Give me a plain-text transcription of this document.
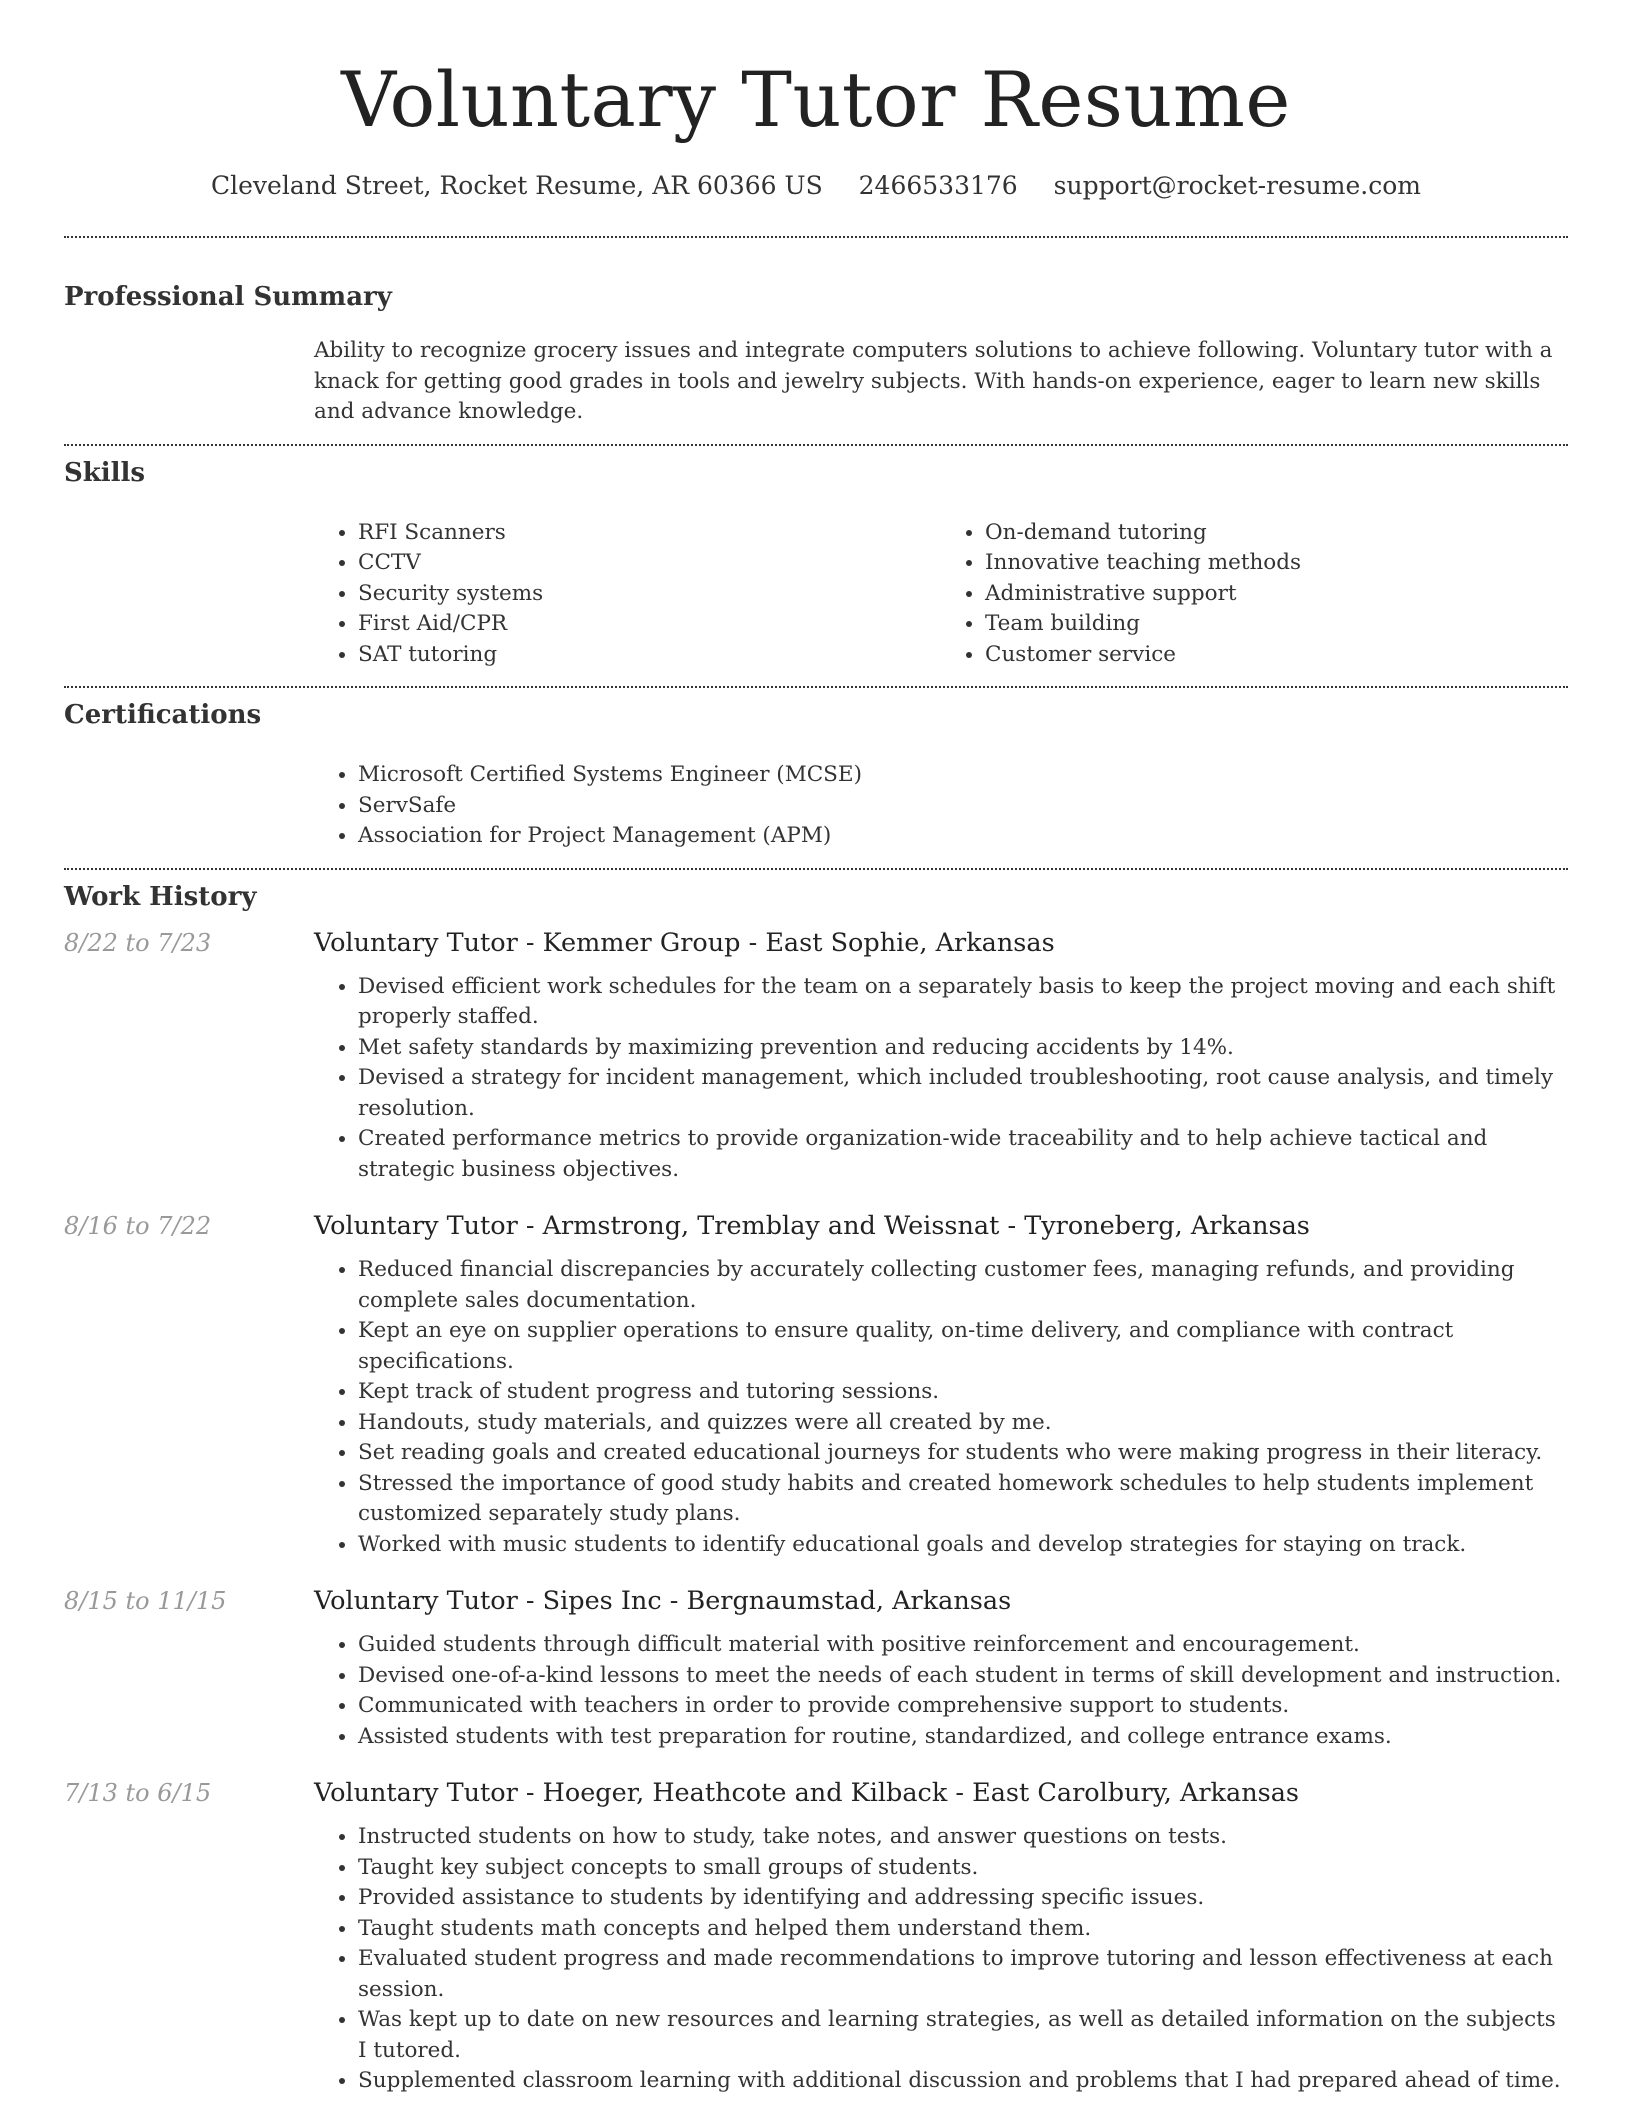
Voluntary Tutor Resume
Cleveland Street, Rocket Resume, AR 60366 US 2466533176 support@rocket-resume.com
Professional Summary
Ability to recognize grocery issues and integrate computers solutions to achieve following. Voluntary tutor with a knack for getting good grades in tools and jewelry subjects. With hands-on experience, eager to learn new skills and advance knowledge.
Skills
• RFI Scanners
• CCTV
• Security systems
• First Aid/CPR
• SAT tutoring
• On-demand tutoring
• Innovative teaching methods
• Administrative support
• Team building
• Customer service
Certifications
• Microsoft Certified Systems Engineer (MCSE)
• ServSafe
• Association for Project Management (APM)
Work History
8/22 to 7/23	Voluntary Tutor - Kemmer Group - East Sophie, Arkansas
• Devised efficient work schedules for the team on a separately basis to keep the project moving and each shift properly staffed.
• Met safety standards by maximizing prevention and reducing accidents by 14%.
• Devised a strategy for incident management, which included troubleshooting, root cause analysis, and timely resolution.
• Created performance metrics to provide organization-wide traceability and to help achieve tactical and strategic business objectives.
8/16 to 7/22	Voluntary Tutor - Armstrong, Tremblay and Weissnat - Tyroneberg, Arkansas
• Reduced financial discrepancies by accurately collecting customer fees, managing refunds, and providing complete sales documentation.
• Kept an eye on supplier operations to ensure quality, on-time delivery, and compliance with contract specifications.
• Kept track of student progress and tutoring sessions.
• Handouts, study materials, and quizzes were all created by me.
• Set reading goals and created educational journeys for students who were making progress in their literacy.
• Stressed the importance of good study habits and created homework schedules to help students implement customized separately study plans.
• Worked with music students to identify educational goals and develop strategies for staying on track.
8/15 to 11/15	Voluntary Tutor - Sipes Inc - Bergnaumstad, Arkansas
• Guided students through difficult material with positive reinforcement and encouragement.
• Devised one-of-a-kind lessons to meet the needs of each student in terms of skill development and instruction.
• Communicated with teachers in order to provide comprehensive support to students.
• Assisted students with test preparation for routine, standardized, and college entrance exams.
7/13 to 6/15	Voluntary Tutor - Hoeger, Heathcote and Kilback - East Carolbury, Arkansas
• Instructed students on how to study, take notes, and answer questions on tests.
• Taught key subject concepts to small groups of students.
• Provided assistance to students by identifying and addressing specific issues.
• Taught students math concepts and helped them understand them.
• Evaluated student progress and made recommendations to improve tutoring and lesson effectiveness at each session.
• Was kept up to date on new resources and learning strategies, as well as detailed information on the subjects I tutored.
• Supplemented classroom learning with additional discussion and problems that I had prepared ahead of time.
